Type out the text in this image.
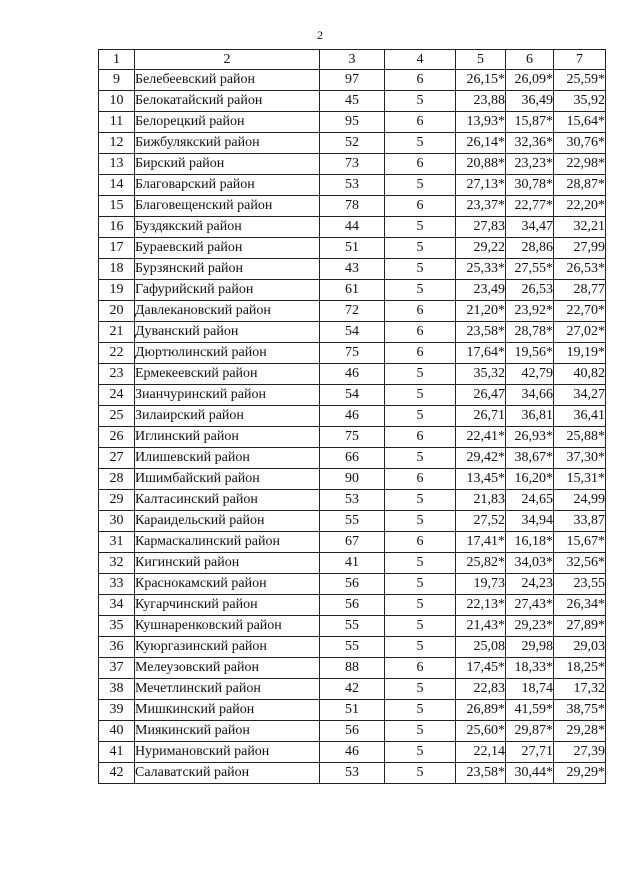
2
1	2	3	4	5	6	7
9	Белебеевский район	97	6	26,15*	26,09*	25,59*
10	Белокатайский район	45	5	23,88	36,49	35,92
11	Белорецкий район	95	6	13,93*	15,87*	15,64*
12	Бижбулякский район	52	5	26,14*	32,36*	30,76*
13	Бирский район	73	6	20,88*	23,23*	22,98*
14	Благоварский район	53	5	27,13*	30,78*	28,87*
15	Благовещенский район	78	6	23,37*	22,77*	22,20*
16	Буздякский район	44	5	27,83	34,47	32,21
17	Бураевский район	51	5	29,22	28,86	27,99
18	Бурзянский район	43	5	25,33*	27,55*	26,53*
19	Гафурийский район	61	5	23,49	26,53	28,77
20	Давлекановский район	72	6	21,20*	23,92*	22,70*
21	Дуванский район	54	6	23,58*	28,78*	27,02*
22	Дюртюлинский район	75	6	17,64*	19,56*	19,19*
23	Ермекеевский район	46	5	35,32	42,79	40,82
24	Зианчуринский район	54	5	26,47	34,66	34,27
25	Зилаирский район	46	5	26,71	36,81	36,41
26	Иглинский район	75	6	22,41*	26,93*	25,88*
27	Илишевский район	66	5	29,42*	38,67*	37,30*
28	Ишимбайский район	90	6	13,45*	16,20*	15,31*
29	Калтасинский район	53	5	21,83	24,65	24,99
30	Караидельский район	55	5	27,52	34,94	33,87
31	Кармаскалинский район	67	6	17,41*	16,18*	15,67*
32	Кигинский район	41	5	25,82*	34,03*	32,56*
33	Краснокамский район	56	5	19,73	24,23	23,55
34	Кугарчинский район	56	5	22,13*	27,43*	26,34*
35	Кушнаренковский район	55	5	21,43*	29,23*	27,89*
36	Куюргазинский район	55	5	25,08	29,98	29,03
37	Мелеузовский район	88	6	17,45*	18,33*	18,25*
38	Мечетлинский район	42	5	22,83	18,74	17,32
39	Мишкинский район	51	5	26,89*	41,59*	38,75*
40	Миякинский район	56	5	25,60*	29,87*	29,28*
41	Нуримановский район	46	5	22,14	27,71	27,39
42	Салаватский район	53	5	23,58*	30,44*	29,29*
